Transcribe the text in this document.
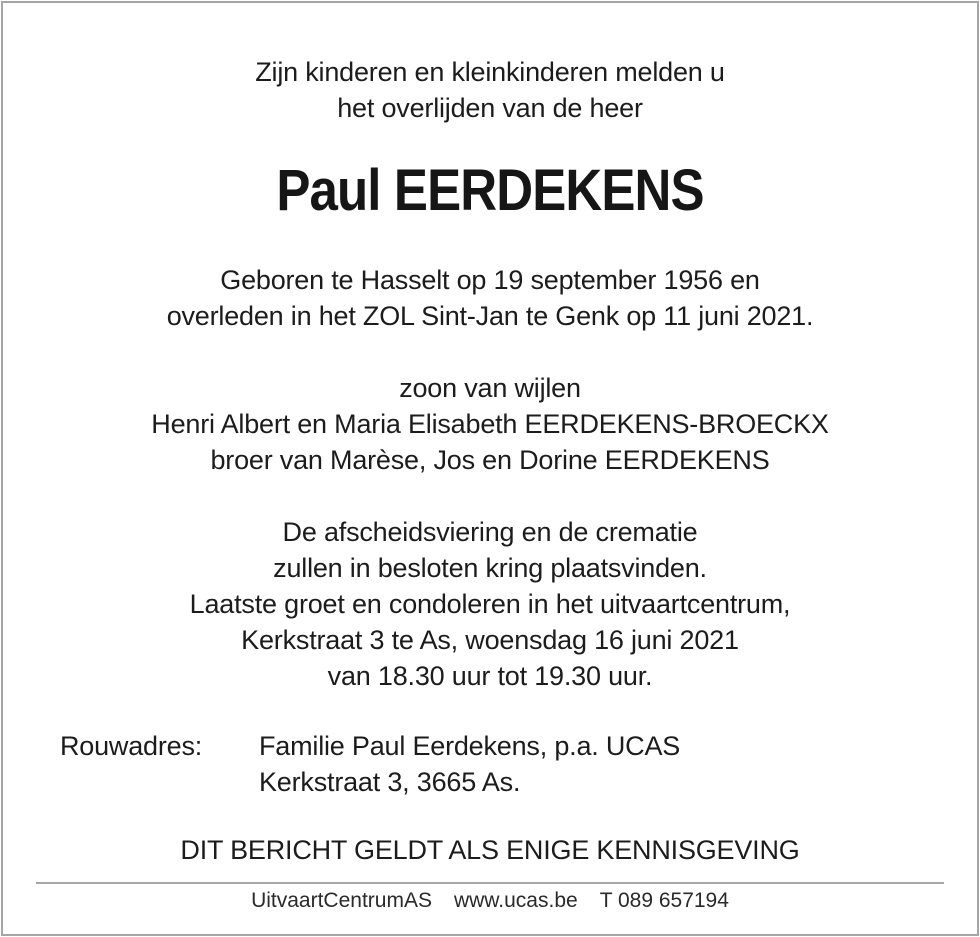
Zijn kinderen en kleinkinderen melden u
het overlijden van de heer
Paul EERDEKENS
Geboren te Hasselt op 19 september 1956 en
overleden in het ZOL Sint-Jan te Genk op 11 juni 2021.
zoon van wijlen
Henri Albert en Maria Elisabeth EERDEKENS-BROECKX
broer van Marèse, Jos en Dorine EERDEKENS
De afscheidsviering en de crematie
zullen in besloten kring plaatsvinden.
Laatste groet en condoleren in het uitvaartcentrum,
Kerkstraat 3 te As, woensdag 16 juni 2021
van 18.30 uur tot 19.30 uur.
Rouwadres: Familie Paul Eerdekens, p.a. UCAS
Kerkstraat 3, 3665 As.
DIT BERICHT GELDT ALS ENIGE KENNISGEVING
UitvaartCentrumAS www.ucas.be T 089 657194
